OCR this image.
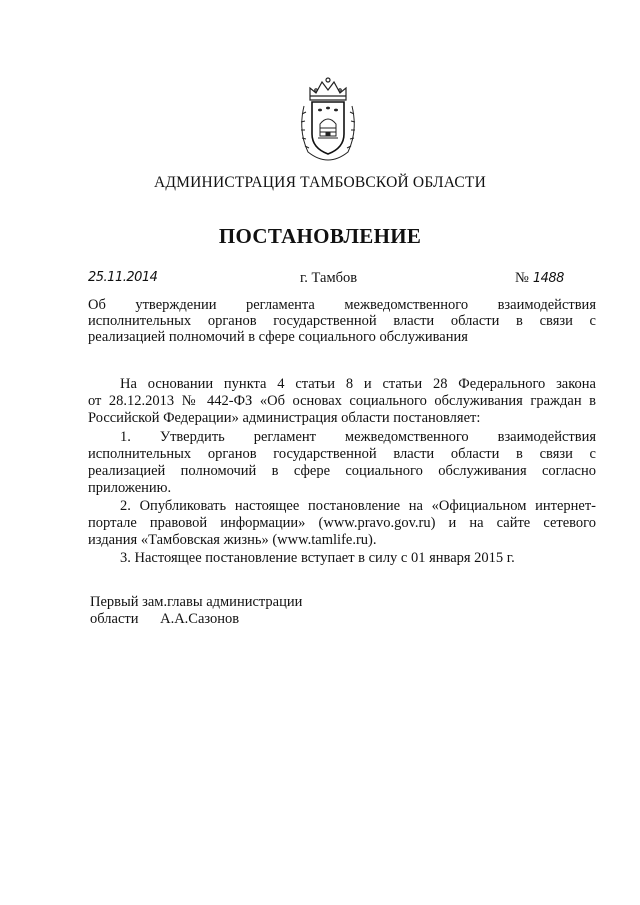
АДМИНИСТРАЦИЯ ТАМБОВСКОЙ ОБЛАСТИ
ПОСТАНОВЛЕНИЕ
25.11.2014	г. Тамбов	№ 1488
Об утверждении регламента межведомственного взаимодействия
исполнительных органов государственной власти области в связи с
реализацией полномочий в сфере социального обслуживания
На основании пункта 4 статьи 8 и статьи 28 Федерального закона
от 28.12.2013 № 442-ФЗ «Об основах социального обслуживания граждан в
Российской Федерации» администрация области постановляет:
1. Утвердить регламент межведомственного взаимодействия
исполнительных органов государственной власти области в связи с
реализацией полномочий в сфере социального обслуживания согласно
приложению.
2. Опубликовать настоящее постановление на «Официальном интернет-
портале правовой информации» (www.pravo.gov.ru) и на сайте сетевого
издания «Тамбовская жизнь» (www.tamlife.ru).
3. Настоящее постановление вступает в силу с 01 января 2015 г.
Первый зам.главы администрации
области А.А.Сазонов
